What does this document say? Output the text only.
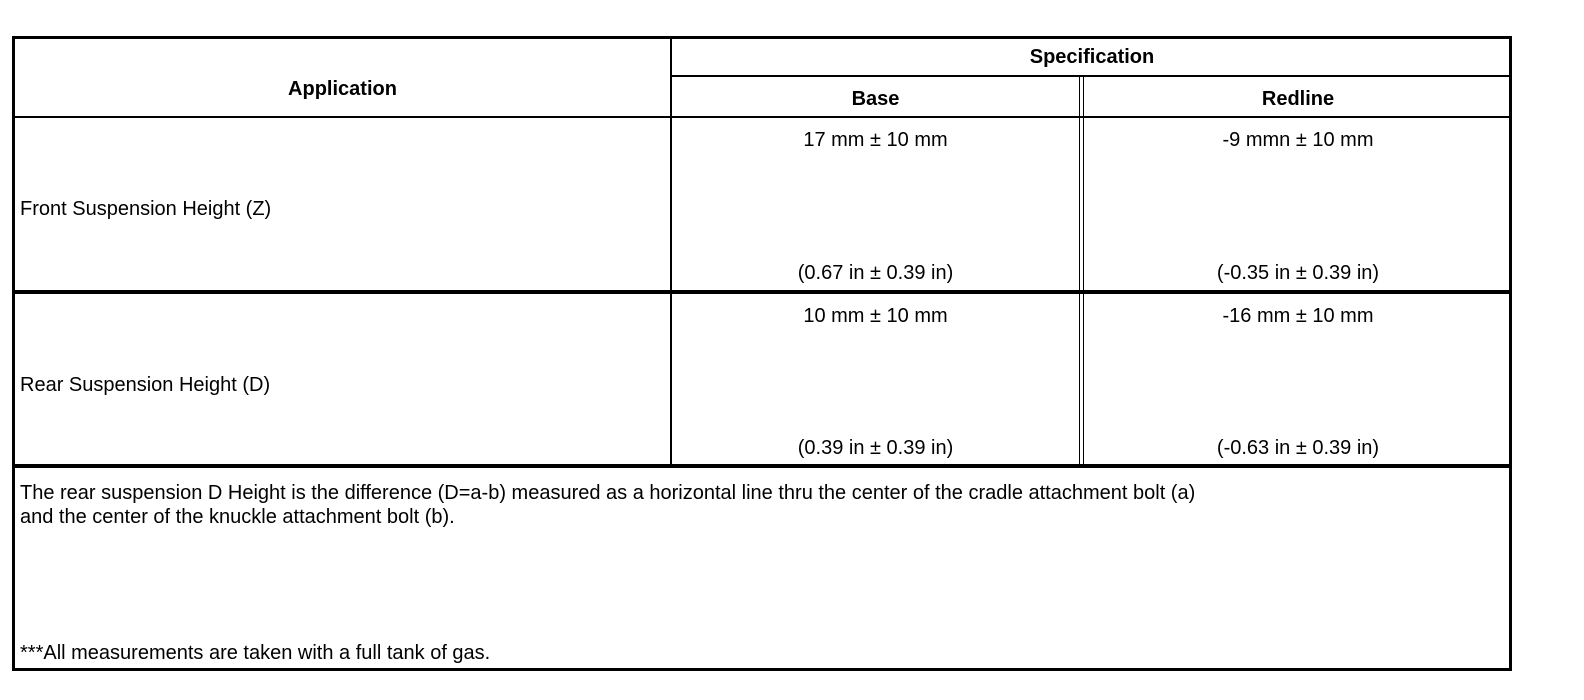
Application
Specification
Base	Redline
Front Suspension Height (Z)
17 mm ± 10 mm
(0.67 in ± 0.39 in)
-9 mmn ± 10 mm
(-0.35 in ± 0.39 in)
Rear Suspension Height (D)
10 mm ± 10 mm
(0.39 in ± 0.39 in)
-16 mm ± 10 mm
(-0.63 in ± 0.39 in)
The rear suspension D Height is the difference (D=a-b) measured as a horizontal line thru the center of the cradle attachment bolt (a)
and the center of the knuckle attachment bolt (b).
***All measurements are taken with a full tank of gas.
